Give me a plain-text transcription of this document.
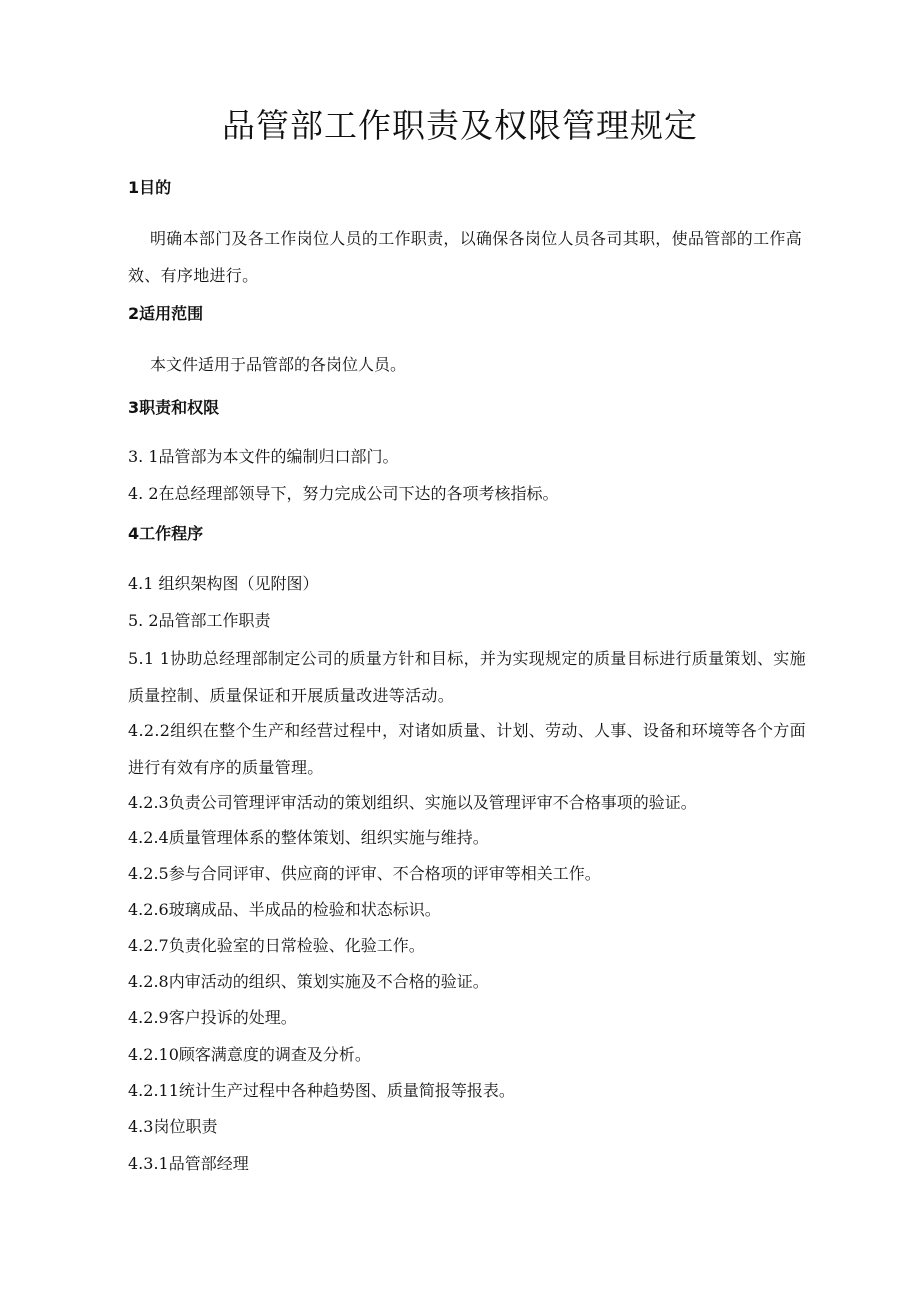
品管部工作职责及权限管理规定
1目的
明确本部门及各工作岗位人员的工作职责，以确保各岗位人员各司其职，使品管部的工作高效、有序地进行。
2适用范围
本文件适用于品管部的各岗位人员。
3职责和权限
3. 1品管部为本文件的编制归口部门。
4. 2在总经理部领导下，努力完成公司下达的各项考核指标。
4工作程序
4.1 组织架构图（见附图）
5. 2品管部工作职责
5.1 1协助总经理部制定公司的质量方针和目标，并为实现规定的质量目标进行质量策划、实施质量控制、质量保证和开展质量改进等活动。
4.2.2组织在整个生产和经营过程中，对诸如质量、计划、劳动、人事、设备和环境等各个方面进行有效有序的质量管理。
4.2.3负责公司管理评审活动的策划组织、实施以及管理评审不合格事项的验证。
4.2.4质量管理体系的整体策划、组织实施与维持。
4.2.5参与合同评审、供应商的评审、不合格项的评审等相关工作。
4.2.6玻璃成品、半成品的检验和状态标识。
4.2.7负责化验室的日常检验、化验工作。
4.2.8内审活动的组织、策划实施及不合格的验证。
4.2.9客户投诉的处理。
4.2.10顾客满意度的调查及分析。
4.2.11统计生产过程中各种趋势图、质量简报等报表。
4.3岗位职责
4.3.1品管部经理
